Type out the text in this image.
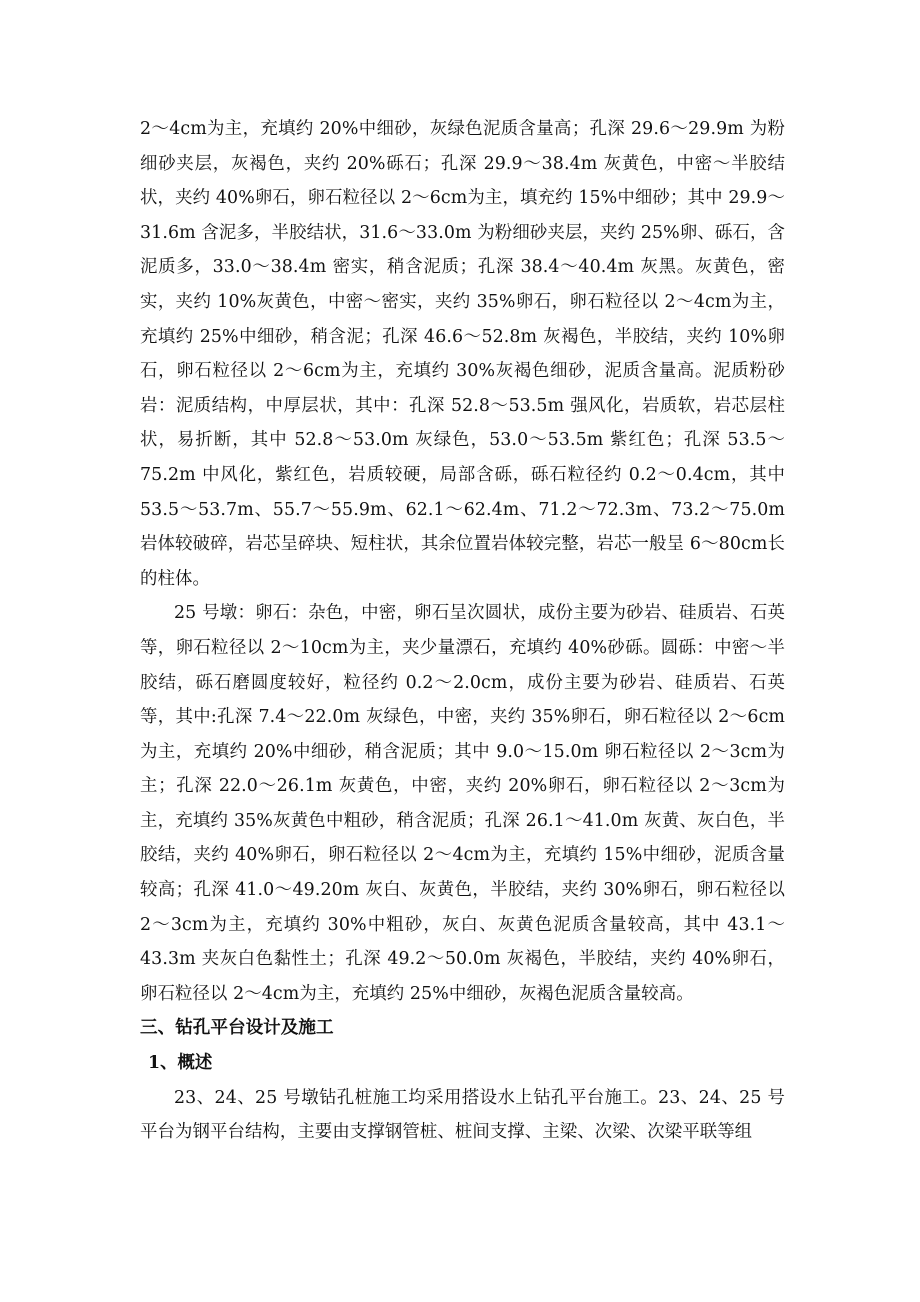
2～4cm为主，充填约 20%中细砂，灰绿色泥质含量高；孔深 29.6～29.9m 为粉细砂夹层，灰褐色，夹约 20%砾石；孔深 29.9～38.4m 灰黄色，中密～半胶结状，夹约 40%卵石，卵石粒径以 2～6cm为主，填充约 15%中细砂；其中 29.9～31.6m 含泥多，半胶结状，31.6～33.0m 为粉细砂夹层，夹约 25%卵、砾石，含泥质多，33.0～38.4m 密实，稍含泥质；孔深 38.4～40.4m 灰黑。灰黄色，密实，夹约 10%灰黄色，中密～密实，夹约 35%卵石，卵石粒径以 2～4cm为主，充填约 25%中细砂，稍含泥；孔深 46.6～52.8m 灰褐色，半胶结，夹约 10%卵石，卵石粒径以 2～6cm为主，充填约 30%灰褐色细砂，泥质含量高。泥质粉砂岩：泥质结构，中厚层状，其中：孔深 52.8～53.5m 强风化，岩质软，岩芯层柱状，易折断，其中 52.8～53.0m 灰绿色，53.0～53.5m 紫红色；孔深 53.5～75.2m 中风化，紫红色，岩质较硬，局部含砾，砾石粒径约 0.2～0.4cm，其中 53.5～53.7m、55.7～55.9m、62.1～62.4m、71.2～72.3m、73.2～75.0m 岩体较破碎，岩芯呈碎块、短柱状，其余位置岩体较完整，岩芯一般呈 6～80cm长的柱体。

25 号墩：卵石：杂色，中密，卵石呈次圆状，成份主要为砂岩、硅质岩、石英等，卵石粒径以 2～10cm为主，夹少量漂石，充填约 40%砂砾。圆砾：中密～半胶结，砾石磨圆度较好，粒径约 0.2～2.0cm，成份主要为砂岩、硅质岩、石英等，其中:孔深 7.4～22.0m 灰绿色，中密，夹约 35%卵石，卵石粒径以 2～6cm为主，充填约 20%中细砂，稍含泥质；其中 9.0～15.0m 卵石粒径以 2～3cm为主；孔深 22.0～26.1m 灰黄色，中密，夹约 20%卵石，卵石粒径以 2～3cm为主，充填约 35%灰黄色中粗砂，稍含泥质；孔深 26.1～41.0m 灰黄、灰白色，半胶结，夹约 40%卵石，卵石粒径以 2～4cm为主，充填约 15%中细砂，泥质含量较高；孔深 41.0～49.20m 灰白、灰黄色，半胶结，夹约 30%卵石，卵石粒径以 2～3cm为主，充填约 30%中粗砂，灰白、灰黄色泥质含量较高，其中 43.1～43.3m 夹灰白色黏性土；孔深 49.2～50.0m 灰褐色，半胶结，夹约 40%卵石，卵石粒径以 2～4cm为主，充填约 25%中细砂，灰褐色泥质含量较高。

三、钻孔平台设计及施工
1、概述

23、24、25 号墩钻孔桩施工均采用搭设水上钻孔平台施工。23、24、25 号平台为钢平台结构，主要由支撑钢管桩、桩间支撑、主梁、次梁、次梁平联等组
